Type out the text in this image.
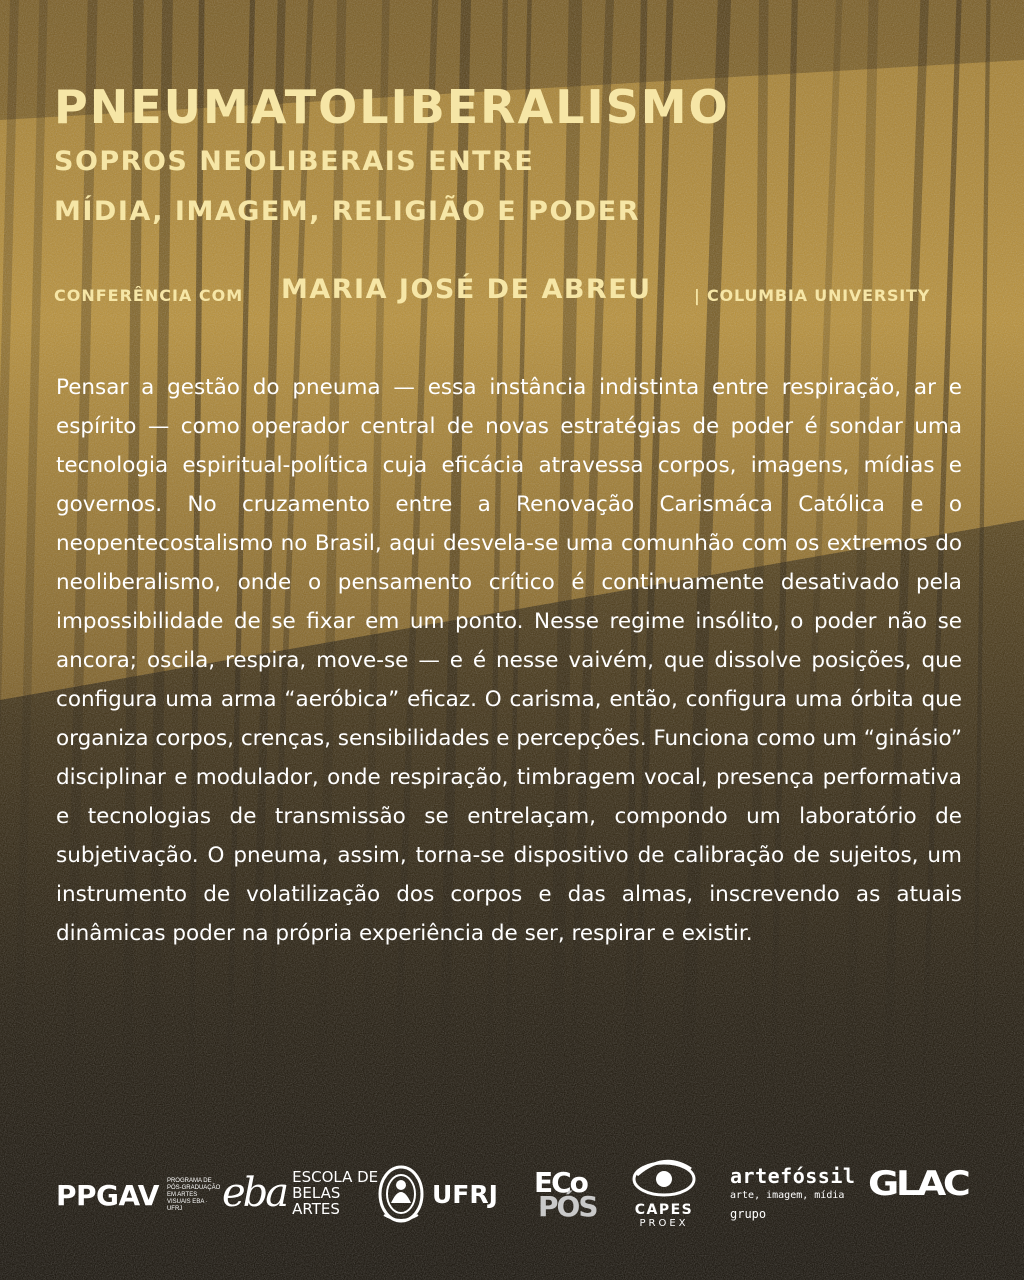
PNEUMATOLIBERALISMO
SOPROS NEOLIBERAIS ENTRE
MÍDIA, IMAGEM, RELIGIÃO E PODER
CONFERÊNCIA COM MARIA JOSÉ DE ABREU	| COLUMBIA UNIVERSITY

Pensar a gestão do pneuma — essa instância indistinta entre respiração, ar e espírito — como operador central de novas estratégias de poder é sondar uma tecnologia espiritual-política cuja eficácia atravessa corpos, imagens, mídias e governos. No cruzamento entre a Renovação Carismáca Católica e o neopentecostalismo no Brasil, aqui desvela-se uma comunhão com os extremos do neoliberalismo, onde o pensamento crítico é continuamente desativado pela impossibilidade de se fixar em um ponto. Nesse regime insólito, o poder não se ancora; oscila, respira, move-se — e é nesse vaivém, que dissolve posições, que configura uma arma “aeróbica” eficaz. O carisma, então, configura uma órbita que organiza corpos, crenças, sensibilidades e percepções. Funciona como um “ginásio” disciplinar e modulador, onde respiração, timbragem vocal, presença performativa e tecnologias de transmissão se entrelaçam, compondo um laboratório de subjetivação. O pneuma, assim, torna-se dispositivo de calibração de sujeitos, um instrumento de volatilização dos corpos e das almas, inscrevendo as atuais dinâmicas poder na própria experiência de ser, respirar e existir.

PPGAV PROGRAMA DE PÓS-GRADUAÇÃO EM ARTES VISUAIS EBA · UFRJ eba ESCOLA DE BELAS ARTES
UFRJ ECo
PÓS	CAPES
PROEX
artefóssil
arte, imagem, mídia
grupo
GLAC
